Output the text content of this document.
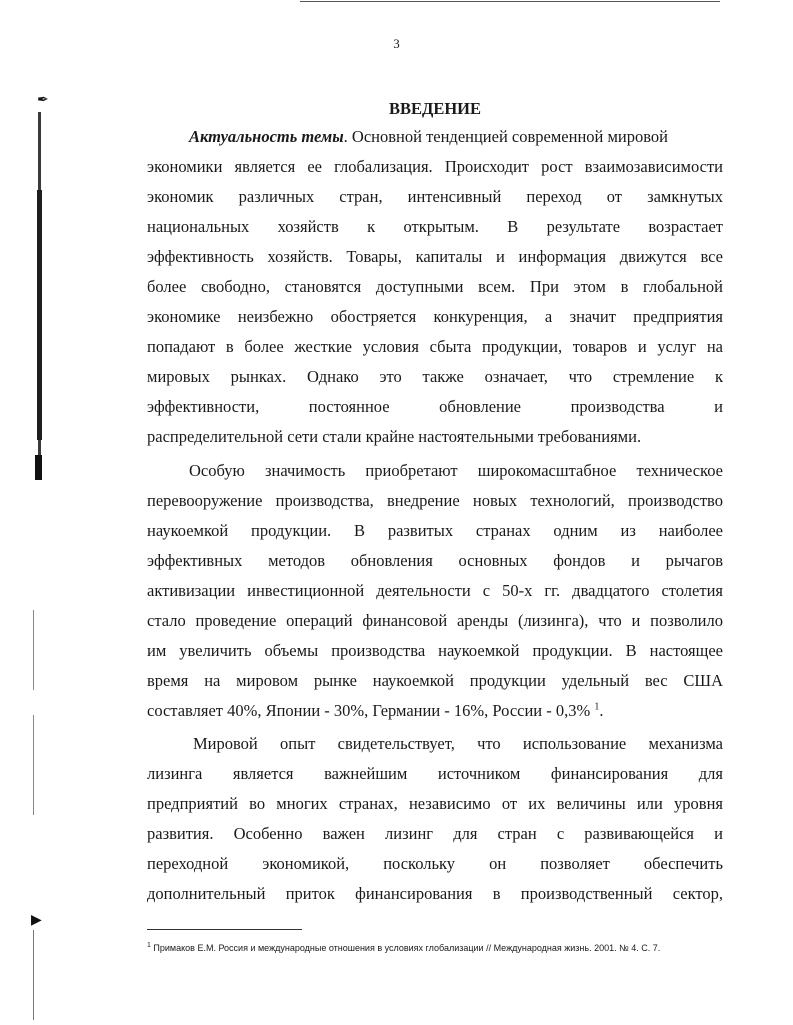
✒
▶
3
ВВЕДЕНИЕ
Актуальность темы. Основной тенденцией современной мировой
экономики является ее глобализация. Происходит рост взаимозависимости
экономик различных стран, интенсивный переход от замкнутых
национальных хозяйств к открытым. В результате возрастает
эффективность хозяйств. Товары, капиталы и информация движутся все
более свободно, становятся доступными всем. При этом в глобальной
экономике неизбежно обостряется конкуренция, а значит предприятия
попадают в более жесткие условия сбыта продукции, товаров и услуг на
мировых рынках. Однако это также означает, что стремление к
эффективности, постоянное обновление производства и
распределительной сети стали крайне настоятельными требованиями.
Особую значимость приобретают широкомасштабное техническое
перевооружение производства, внедрение новых технологий, производство
наукоемкой продукции. В развитых странах одним из наиболее
эффективных методов обновления основных фондов и рычагов
активизации инвестиционной деятельности с 50-х гг. двадцатого столетия
стало проведение операций финансовой аренды (лизинга), что и позволило
им увеличить объемы производства наукоемкой продукции. В настоящее
время на мировом рынке наукоемкой продукции удельный вес США
составляет 40%, Японии - 30%, Германии - 16%, России - 0,3% $^1$.
Мировой опыт свидетельствует, что использование механизма
лизинга является важнейшим источником финансирования для
предприятий во многих странах, независимо от их величины или уровня
развития. Особенно важен лизинг для стран с развивающейся и
переходной экономикой, поскольку он позволяет обеспечить
дополнительный приток финансирования в производственный сектор,
$^1$ Примаков Е.М. Россия и международные отношения в условиях глобализации // Международная жизнь. 2001. № 4. С. 7.
